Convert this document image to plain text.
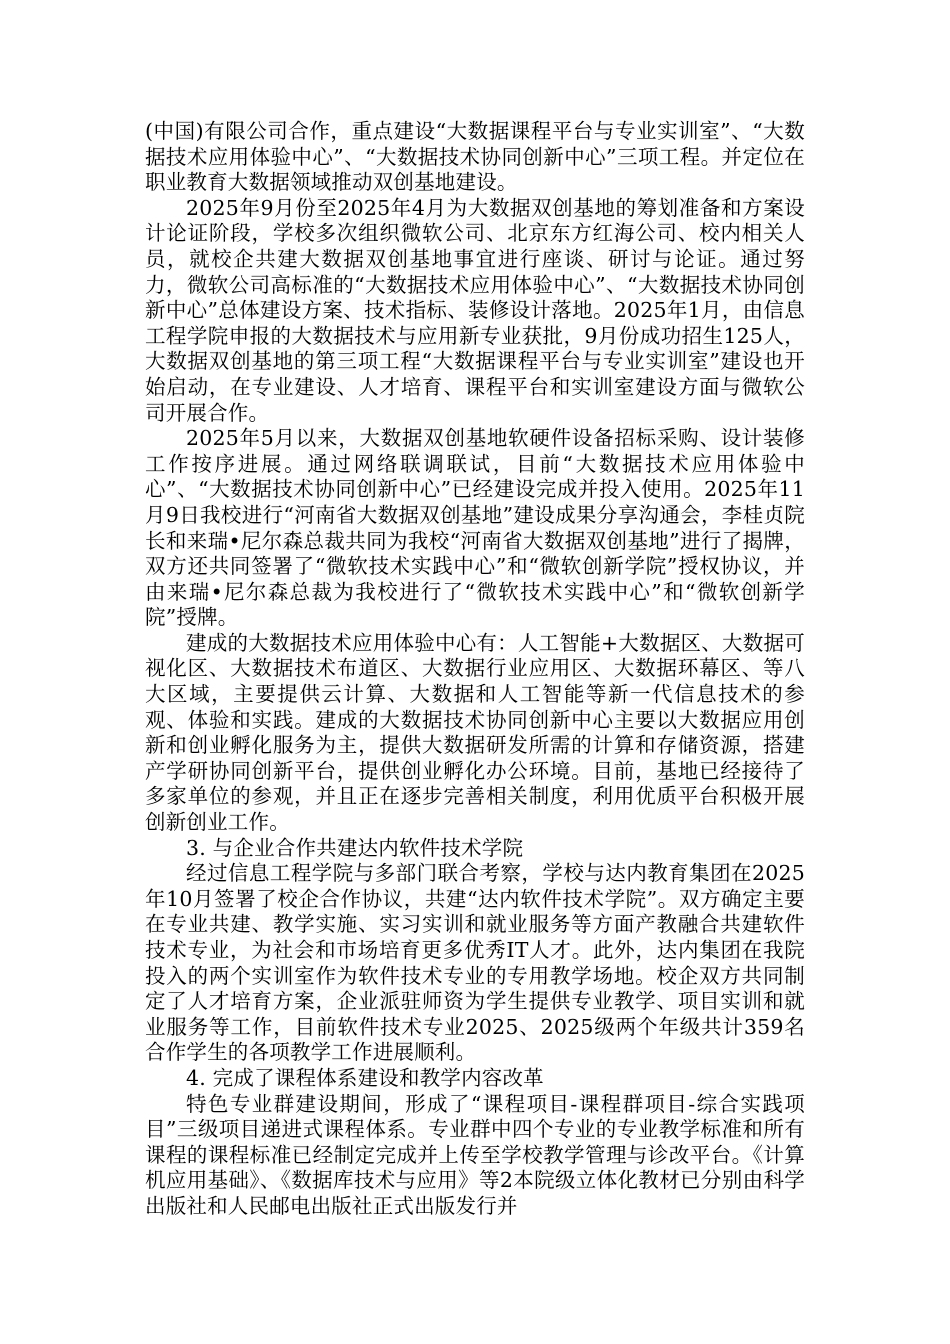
(中国)有限公司合作，重点建设“大数据课程平台与专业实训室”、“大数据技术应用体验中心”、“大数据技术协同创新中心”三项工程。并定位在职业教育大数据领域推动双创基地建设。

2025年9月份至2025年4月为大数据双创基地的筹划准备和方案设计论证阶段，学校多次组织微软公司、北京东方红海公司、校内相关人员，就校企共建大数据双创基地事宜进行座谈、研讨与论证。通过努力，微软公司高标准的“大数据技术应用体验中心”、“大数据技术协同创新中心”总体建设方案、技术指标、装修设计落地。2025年1月，由信息工程学院申报的大数据技术与应用新专业获批，9月份成功招生125人，大数据双创基地的第三项工程“大数据课程平台与专业实训室”建设也开始启动，在专业建设、人才培育、课程平台和实训室建设方面与微软公司开展合作。

2025年5月以来，大数据双创基地软硬件设备招标采购、设计装修工作按序进展。通过网络联调联试，目前“大数据技术应用体验中心”、“大数据技术协同创新中心”已经建设完成并投入使用。2025年11月9日我校进行“河南省大数据双创基地”建设成果分享沟通会，李桂贞院长和来瑞•尼尔森总裁共同为我校“河南省大数据双创基地”进行了揭牌，双方还共同签署了“微软技术实践中心”和“微软创新学院”授权协议，并由来瑞•尼尔森总裁为我校进行了“微软技术实践中心”和“微软创新学院”授牌。

建成的大数据技术应用体验中心有：人工智能+大数据区、大数据可视化区、大数据技术布道区、大数据行业应用区、大数据环幕区、等八大区域，主要提供云计算、大数据和人工智能等新一代信息技术的参观、体验和实践。建成的大数据技术协同创新中心主要以大数据应用创新和创业孵化服务为主，提供大数据研发所需的计算和存储资源，搭建产学研协同创新平台，提供创业孵化办公环境。目前，基地已经接待了多家单位的参观，并且正在逐步完善相关制度，利用优质平台积极开展创新创业工作。

3. 与企业合作共建达内软件技术学院

经过信息工程学院与多部门联合考察，学校与达内教育集团在2025年10月签署了校企合作协议，共建“达内软件技术学院”。双方确定主要在专业共建、教学实施、实习实训和就业服务等方面产教融合共建软件技术专业，为社会和市场培育更多优秀IT人才。此外，达内集团在我院投入的两个实训室作为软件技术专业的专用教学场地。校企双方共同制定了人才培育方案，企业派驻师资为学生提供专业教学、项目实训和就业服务等工作，目前软件技术专业2025、2025级两个年级共计359名合作学生的各项教学工作进展顺利。

4. 完成了课程体系建设和教学内容改革

特色专业群建设期间，形成了“课程项目-课程群项目-综合实践项目”三级项目递进式课程体系。专业群中四个专业的专业教学标准和所有课程的课程标准已经制定完成并上传至学校教学管理与诊改平台。《计算机应用基础》、《数据库技术与应用》等2本院级立体化教材已分别由科学出版社和人民邮电出版社正式出版发行并
